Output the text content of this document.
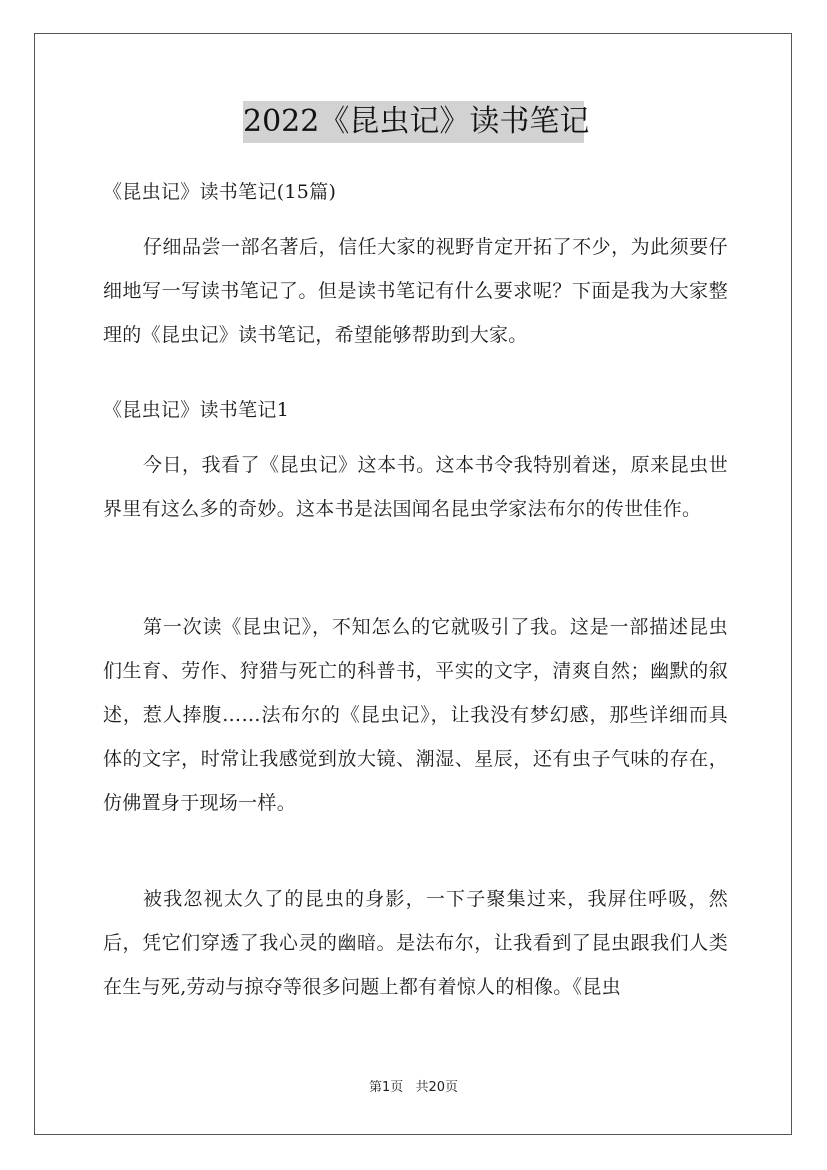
2022《昆虫记》读书笔记

《昆虫记》读书笔记(15篇)

仔细品尝一部名著后，信任大家的视野肯定开拓了不少，为此须要仔细地写一写读书笔记了。但是读书笔记有什么要求呢？下面是我为大家整理的《昆虫记》读书笔记，希望能够帮助到大家。

《昆虫记》读书笔记1

今日，我看了《昆虫记》这本书。这本书令我特别着迷，原来昆虫世界里有这么多的奇妙。这本书是法国闻名昆虫学家法布尔的传世佳作。

第一次读《昆虫记》，不知怎么的它就吸引了我。这是一部描述昆虫们生育、劳作、狩猎与死亡的科普书，平实的文字，清爽自然；幽默的叙述，惹人捧腹……法布尔的《昆虫记》，让我没有梦幻感，那些详细而具体的文字，时常让我感觉到放大镜、潮湿、星辰，还有虫子气味的存在，仿佛置身于现场一样。

被我忽视太久了的昆虫的身影，一下子聚集过来，我屏住呼吸，然后，凭它们穿透了我心灵的幽暗。是法布尔，让我看到了昆虫跟我们人类在生与死,劳动与掠夺等很多问题上都有着惊人的相像。《昆虫

第1页 共20页
